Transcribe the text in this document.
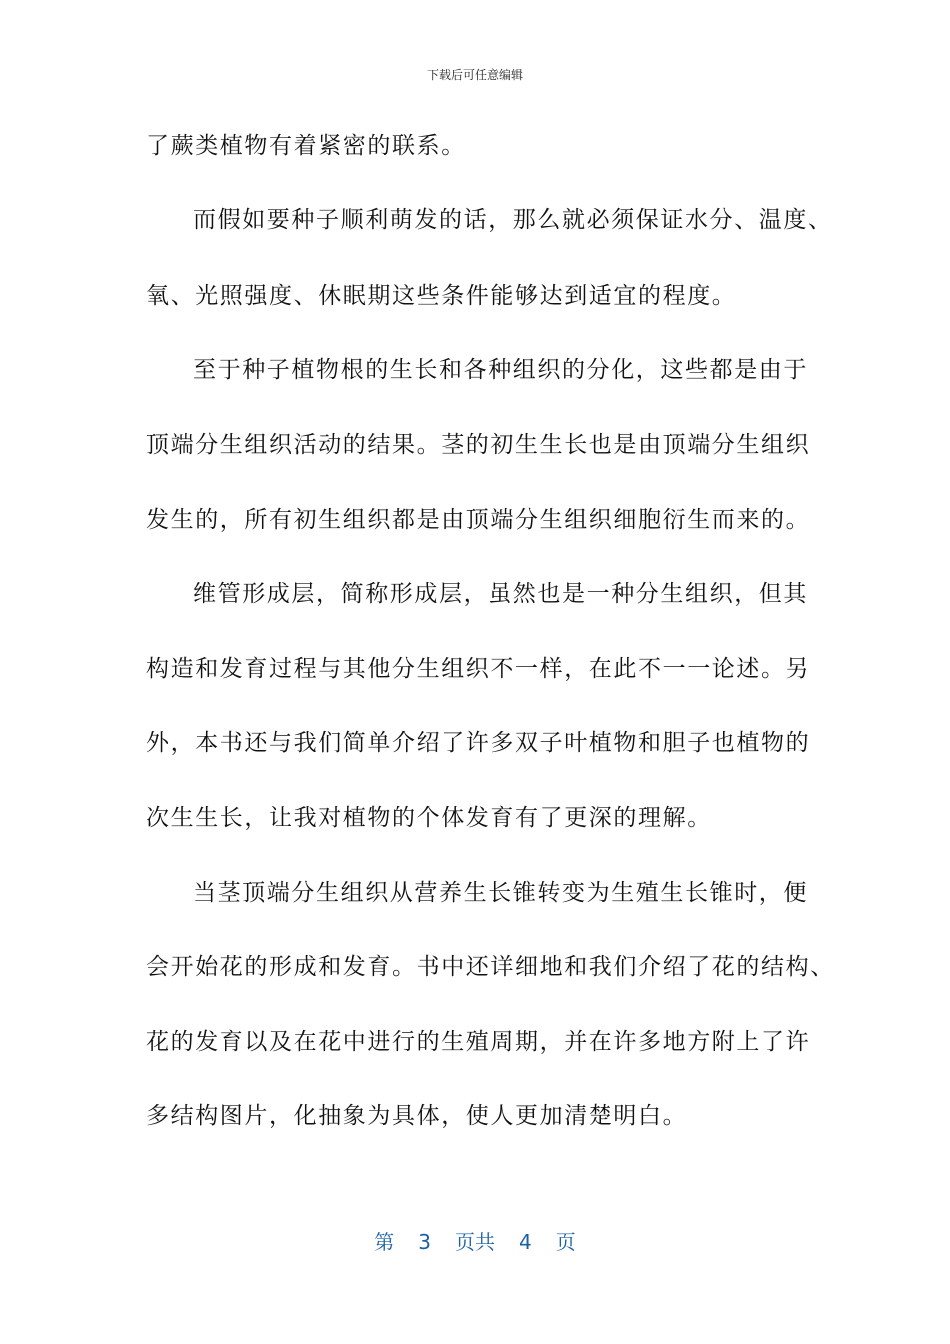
下载后可任意编辑
了蕨类植物有着紧密的联系。
而假如要种子顺利萌发的话，那么就必须保证水分、温度、
氧、光照强度、休眠期这些条件能够达到适宜的程度。
至于种子植物根的生长和各种组织的分化，这些都是由于
顶端分生组织活动的结果。茎的初生生长也是由顶端分生组织
发生的，所有初生组织都是由顶端分生组织细胞衍生而来的。
维管形成层，简称形成层，虽然也是一种分生组织，但其
构造和发育过程与其他分生组织不一样，在此不一一论述。另
外，本书还与我们简单介绍了许多双子叶植物和胆子也植物的
次生生长，让我对植物的个体发育有了更深的理解。
当茎顶端分生组织从营养生长锥转变为生殖生长锥时，便
会开始花的形成和发育。书中还详细地和我们介绍了花的结构、
花的发育以及在花中进行的生殖周期，并在许多地方附上了许
多结构图片，化抽象为具体，使人更加清楚明白。
第 3 页共 4 页
